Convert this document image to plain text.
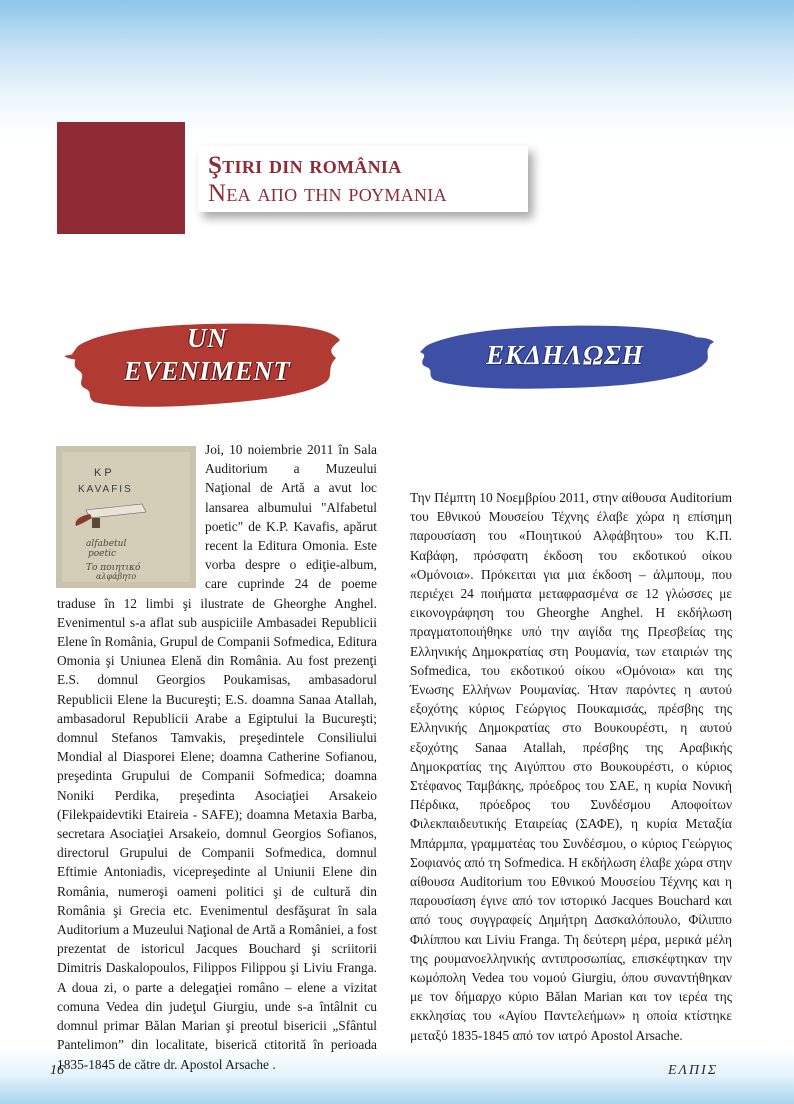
Ştiri din românia
Nεα απο την ρουμανια
UN
EVENIMENT
ΕΚΔΗΛΩΣΗ
K P
KAVAFIS
alfabetul
poetic
Το ποιητικό
αλφάβητο
Joi, 10 noiembrie 2011 în Sala Auditorium a Muzeului Naţional de Artă a avut loc lansarea albumului "Alfabetul poetic" de K.P. Kavafis, apărut recent la Editura Omonia. Este vorba despre o ediţie-album, care cuprinde 24 de poeme traduse în 12 limbi şi ilustrate de Gheorghe Anghel. Evenimentul s-a aflat sub auspiciile Ambasadei Republicii Elene în România, Grupul de Companii Sofmedica, Editura Omonia şi Uniunea Elenă din România. Au fost prezenţi E.S. domnul Georgios Poukamisas, ambasadorul Republicii Elene la Bucureşti; E.S. doamna Sanaa Atallah, ambasadorul Republicii Arabe a Egiptului la Bucureşti; domnul Stefanos Tamvakis, preşedintele Consiliului Mondial al Diasporei Elene; doamna Catherine Sofianou, preşedinta Grupului de Companii Sofmedica; doamna Noniki Perdika, preşedinta Asociaţiei Arsakeio (Filekpaidevtiki Etaireia - SAFE); doamna Metaxia Barba, secretara Asociaţiei Arsakeio, domnul Georgios Sofianos, directorul Grupului de Companii Sofmedica, domnul Eftimie Antoniadis, vicepreşedinte al Uniunii Elene din România, numeroşi oameni politici şi de cultură din România şi Grecia etc. Evenimentul desfăşurat în sala Auditorium a Muzeului Naţional de Artă a României, a fost prezentat de istoricul Jacques Bouchard şi scriitorii Dimitris Daskalopoulos, Filippos Filippou şi Liviu Franga. A doua zi, o parte a delegaţiei româno – elene a vizitat comuna Vedea din judeţul Giurgiu, unde s-a întâlnit cu domnul primar Bălan Marian şi preotul bisericii „Sfântul Pantelimon” din localitate, biserică ctitorită în perioada 1835-1845 de către dr. Apostol Arsache .
Την Πέμπτη 10 Νοεμβρίου 2011, στην αίθουσα Auditorium του Εθνικού Μουσείου Τέχνης έλαβε χώρα η επίσημη παρουσίαση του «Ποιητικού Αλφάβητου» του Κ.Π. Καβάφη, πρόσφατη έκδοση του εκδοτικού οίκου «Ομόνοια». Πρόκειται για μια έκδοση – άλμπουμ, που περιέχει 24 ποιήματα μεταφρασμένα σε 12 γλώσσες με εικονογράφηση του Gheorghe Anghel. Η εκδήλωση πραγματοποιήθηκε υπό την αιγίδα της Πρεσβείας της Ελληνικής Δημοκρατίας στη Ρουμανία, των εταιριών της Sofmedica, του εκδοτικού οίκου «Ομόνοια» και της Ένωσης Ελλήνων Ρουμανίας. Ήταν παρόντες η αυτού εξοχότης κύριος Γεώργιος Πουκαμισάς, πρέσβης της Ελληνικής Δημοκρατίας στο Βουκουρέστι, η αυτού εξοχότης Sanaa Atallah, πρέσβης της Αραβικής Δημοκρατίας της Αιγύπτου στο Βουκουρέστι, ο κύριος Στέφανος Ταμβάκης, πρόεδρος του ΣΑΕ, η κυρία Νονική Πέρδικα, πρόεδρος του Συνδέσμου Αποφοίτων Φιλεκπαιδευτικής Εταιρείας (ΣΑΦΕ), η κυρία Μεταξία Μπάρμπα, γραμματέας του Συνδέσμου, ο κύριος Γεώργιος Σοφιανός από τη Sofmedica. Η εκδήλωση έλαβε χώρα στην αίθουσα Auditorium του Εθνικού Μουσείου Τέχνης και η παρουσίαση έγινε από τον ιστορικό Jacques Bouchard και από τους συγγραφείς Δημήτρη Δασκαλόπουλο, Φίλιππο Φιλίππου και Liviu Franga. Τη δεύτερη μέρα, μερικά μέλη της ρουμανοελληνικής αντιπροσωπίας, επισκέφτηκαν την κωμόπολη Vedea του νομού Giurgiu, όπου συναντήθηκαν με τον δήμαρχο κύριο Bălan Marian και τον ιερέα της εκκλησίας του «Αγίου Παντελεήμων» η οποία κτίστηκε μεταξύ 1835-1845 από τον ιατρό Apostol Arsache.
16	ΕΛΠΙΣ
